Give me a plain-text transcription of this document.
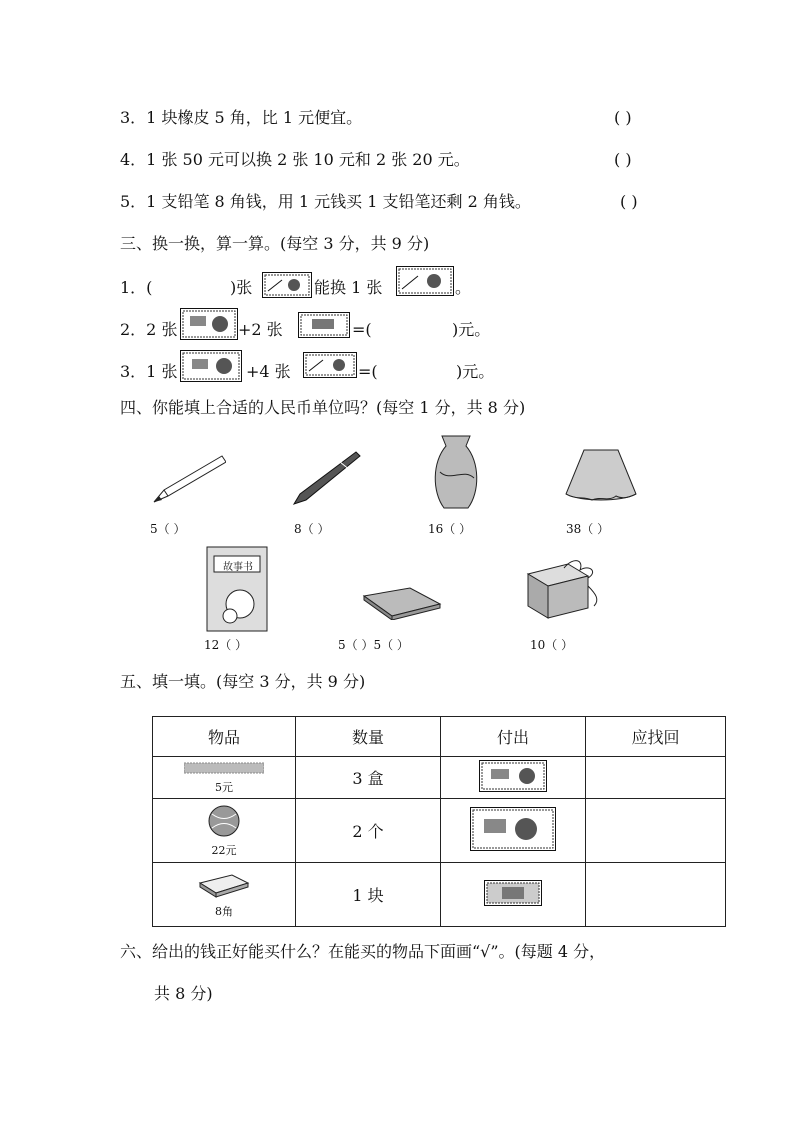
3．1 块橡皮 5 角，比 1 元便宜。	( )
4．1 张 50 元可以换 2 张 10 元和 2 张 20 元。	( )
5．1 支铅笔 8 角钱，用 1 元钱买 1 支铅笔还剩 2 角钱。	( )
三、换一换，算一算。(每空 3 分，共 9 分)
1．(	)张	能换 1 张	。
2．2 张	+2 张	=(	)元。
3．1 张	+4 张	=(	)元。
四、你能填上合适的人民币单位吗？(每空 1 分，共 8 分)
5（ ）	8（ ）	16（ ）	38（ ）
故事书
12（ ）	5（ ）5（ ）	10（ ）
五、填一填。(每空 3 分，共 9 分)
物品	数量	付出	应找回

5元	3 盒		

22元	2 个		

8角	1 块		
六、给出的钱正好能买什么？在能买的物品下面画“√”。(每题 4 分，
共 8 分)
